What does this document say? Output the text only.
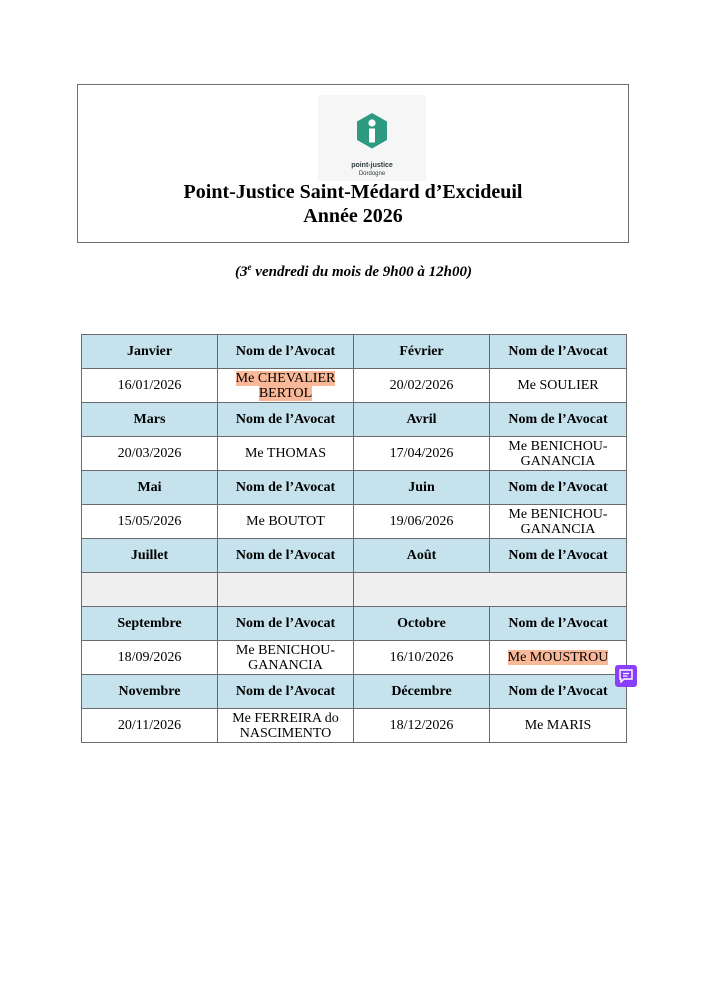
point-justice
Dordogne
Point-Justice Saint-Médard d’Excideuil
Année 2026
(3e vendredi du mois de 9h00 à 12h00)
Janvier	Nom de l’Avocat	Février	Nom de l’Avocat
16/01/2026	Me CHEVALIER BERTOL	20/02/2026	Me SOULIER
Mars	Nom de l’Avocat	Avril	Nom de l’Avocat
20/03/2026	Me THOMAS	17/04/2026	Me BENICHOU-GANANCIA
Mai	Nom de l’Avocat	Juin	Nom de l’Avocat
15/05/2026	Me BOUTOT	19/06/2026	Me BENICHOU-GANANCIA
Juillet	Nom de l’Avocat	Août	Nom de l’Avocat

Septembre	Nom de l’Avocat	Octobre	Nom de l’Avocat
18/09/2026	Me BENICHOU-GANANCIA	16/10/2026	Me MOUSTROU
Novembre	Nom de l’Avocat	Décembre	Nom de l’Avocat
20/11/2026	Me FERREIRA do NASCIMENTO	18/12/2026	Me MARIS
